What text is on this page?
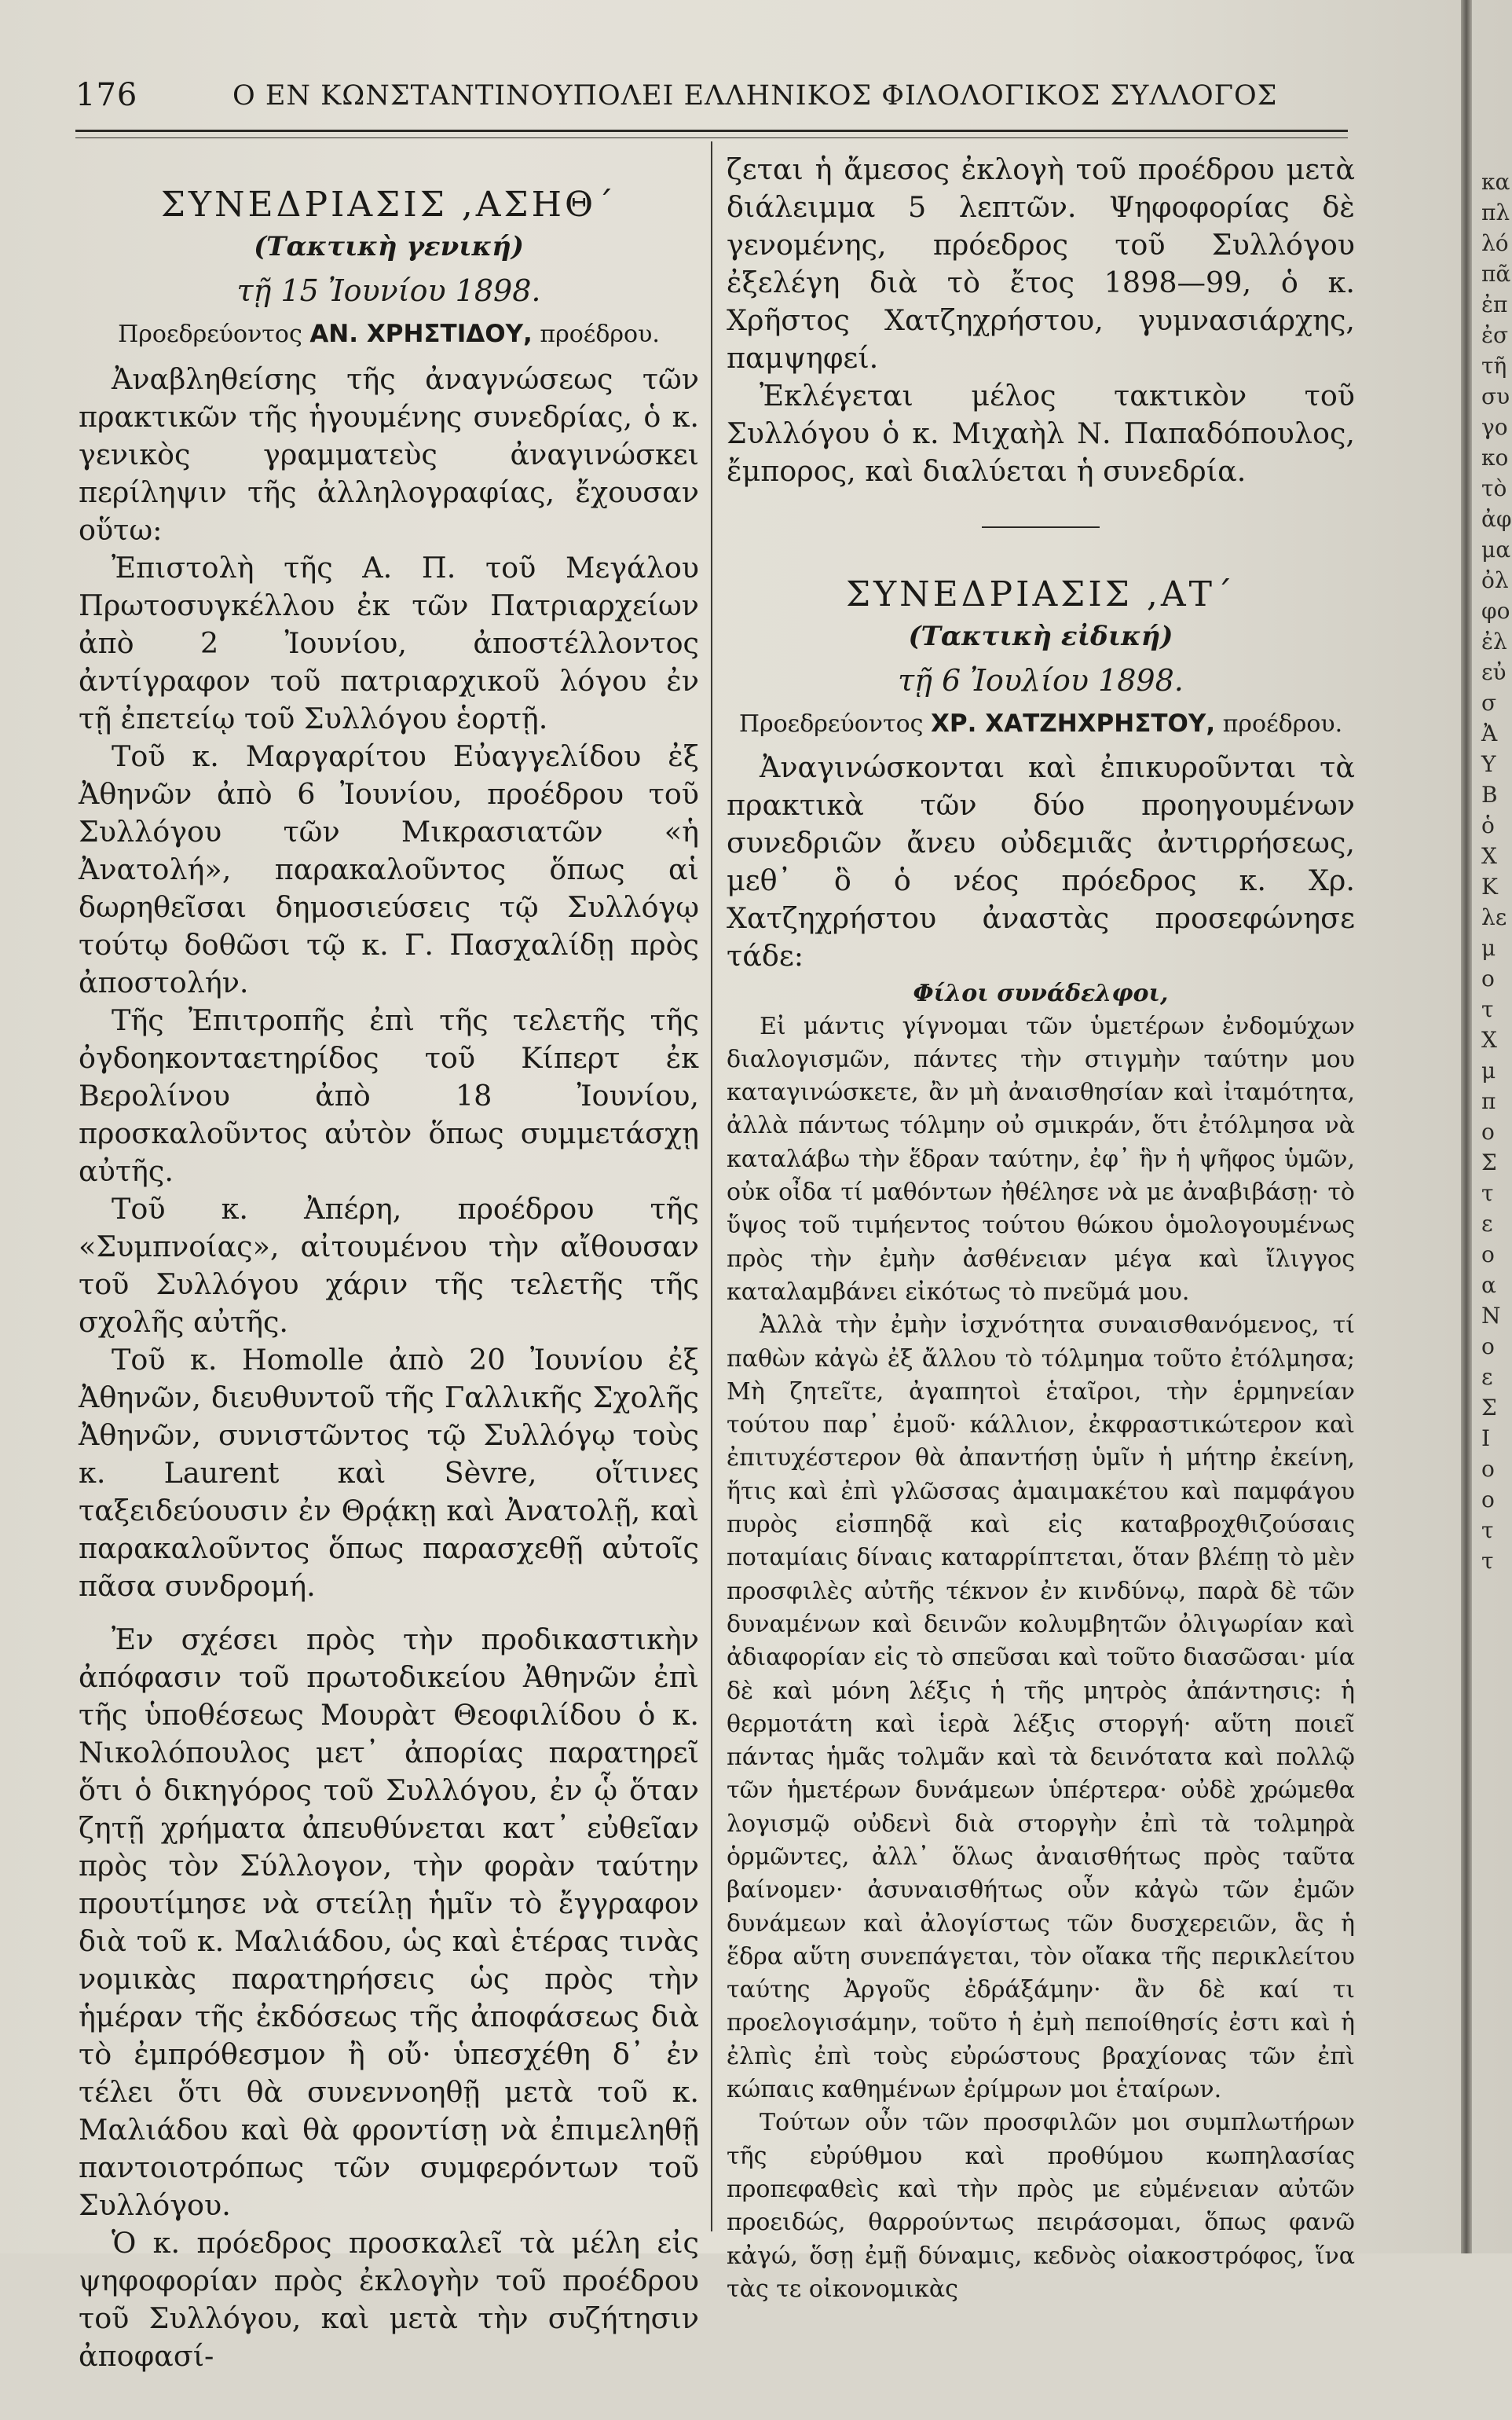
176	Ο ΕΝ ΚΩΝΣΤΑΝΤΙΝΟΥΠΟΛΕΙ ΕΛΛΗΝΙΚΟΣ ΦΙΛΟΛΟΓΙΚΟΣ ΣΥΛΛΟΓΟΣ
ΣΥΝΕΔΡΙΑΣΙΣ ,ΑΣΗΘ΄
(Τακτικὴ γενική)
τῇ 15 Ἰουνίου 1898.
Προεδρεύοντος ΑΝ. ΧΡΗΣΤΙΔΟΥ, προέδρου.

Ἀναβληθείσης τῆς ἀναγνώσεως τῶν πρακτικῶν τῆς ἡγουμένης συνεδρίας, ὁ κ. γενικὸς γραμματεὺς ἀναγινώσκει περίληψιν τῆς ἀλληλογραφίας, ἔχουσαν οὕτω:

Ἐπιστολὴ τῆς Α. Π. τοῦ Μεγάλου Πρωτοσυγκέλλου ἐκ τῶν Πατριαρχείων ἀπὸ 2 Ἰουνίου, ἀποστέλλοντος ἀντίγραφον τοῦ πατριαρχικοῦ λόγου ἐν τῇ ἐπετείῳ τοῦ Συλλόγου ἑορτῇ.

Τοῦ κ. Μαργαρίτου Εὐαγγελίδου ἐξ Ἀθηνῶν ἀπὸ 6 Ἰουνίου, προέδρου τοῦ Συλλόγου τῶν Μικρασιατῶν «ἡ Ἀνατολή», παρακαλοῦντος ὅπως αἱ δωρηθεῖσαι δημοσιεύσεις τῷ Συλλόγῳ τούτῳ δοθῶσι τῷ κ. Γ. Πασχαλίδῃ πρὸς ἀποστολήν.

Τῆς Ἐπιτροπῆς ἐπὶ τῆς τελετῆς τῆς ὀγδοηκονταετηρίδος τοῦ Κίπερτ ἐκ Βερολίνου ἀπὸ 18 Ἰουνίου, προσκαλοῦντος αὐτὸν ὅπως συμμετάσχῃ αὐτῆς.

Τοῦ κ. Ἀπέρη, προέδρου τῆς «Συμπνοίας», αἰτουμένου τὴν αἴθουσαν τοῦ Συλλόγου χάριν τῆς τελετῆς τῆς σχολῆς αὐτῆς.

Τοῦ κ. Homolle ἀπὸ 20 Ἰουνίου ἐξ Ἀθηνῶν, διευθυντοῦ τῆς Γαλλικῆς Σχολῆς Ἀθηνῶν, συνιστῶντος τῷ Συλλόγῳ τοὺς κ. Laurent καὶ Sèvre, οἵτινες ταξειδεύουσιν ἐν Θρᾴκῃ καὶ Ἀνατολῇ, καὶ παρακαλοῦντος ὅπως παρασχεθῇ αὐτοῖς πᾶσα συνδρομή.

Ἐν σχέσει πρὸς τὴν προδικαστικὴν ἀπόφασιν τοῦ πρωτοδικείου Ἀθηνῶν ἐπὶ τῆς ὑποθέσεως Μουρὰτ Θεοφιλίδου ὁ κ. Νικολόπουλος μετ᾽ ἀπορίας παρατηρεῖ ὅτι ὁ δικηγόρος τοῦ Συλλόγου, ἐν ᾧ ὅταν ζητῇ χρήματα ἀπευθύνεται κατ᾽ εὐθεῖαν πρὸς τὸν Σύλλογον, τὴν φορὰν ταύτην προυτίμησε νὰ στείλῃ ἡμῖν τὸ ἔγγραφον διὰ τοῦ κ. Μαλιάδου, ὡς καὶ ἑτέρας τινὰς νομικὰς παρατηρήσεις ὡς πρὸς τὴν ἡμέραν τῆς ἐκδόσεως τῆς ἀποφάσεως διὰ τὸ ἐμπρόθεσμον ἢ οὔ· ὑπεσχέθη δ᾽ ἐν τέλει ὅτι θὰ συνεννοηθῇ μετὰ τοῦ κ. Μαλιάδου καὶ θὰ φροντίσῃ νὰ ἐπιμεληθῇ παντοιοτρόπως τῶν συμφερόντων τοῦ Συλλόγου.

Ὁ κ. πρόεδρος προσκαλεῖ τὰ μέλη εἰς ψηφοφορίαν πρὸς ἐκλογὴν τοῦ προέδρου τοῦ Συλλόγου, καὶ μετὰ τὴν συζήτησιν ἀποφασί-

ζεται ἡ ἄμεσος ἐκλογὴ τοῦ προέδρου μετὰ διάλειμμα 5 λεπτῶν. Ψηφοφορίας δὲ γενομένης, πρόεδρος τοῦ Συλλόγου ἐξελέγη διὰ τὸ ἔτος 1898—99, ὁ κ. Χρῆστος Χατζηχρήστου, γυμνασιάρχης, παμψηφεί.

Ἐκλέγεται μέλος τακτικὸν τοῦ Συλλόγου ὁ κ. Μιχαὴλ Ν. Παπαδόπουλος, ἔμπορος, καὶ διαλύεται ἡ συνεδρία.

ΣΥΝΕΔΡΙΑΣΙΣ ,ΑΤ΄
(Τακτικὴ εἰδική)
τῇ 6 Ἰουλίου 1898.
Προεδρεύοντος ΧΡ. ΧΑΤΖΗΧΡΗΣΤΟΥ, προέδρου.

Ἀναγινώσκονται καὶ ἐπικυροῦνται τὰ πρακτικὰ τῶν δύο προηγουμένων συνεδριῶν ἄνευ οὐδεμιᾶς ἀντιρρήσεως, μεθ᾽ ὃ ὁ νέος πρόεδρος κ. Χρ. Χατζηχρήστου ἀναστὰς προσεφώνησε τάδε:

Φίλοι συνάδελφοι,

Εἰ μάντις γίγνομαι τῶν ὑμετέρων ἐνδομύχων διαλογισμῶν, πάντες τὴν στιγμὴν ταύτην μου καταγινώσκετε, ἂν μὴ ἀναισθησίαν καὶ ἰταμότητα, ἀλλὰ πάντως τόλμην οὐ σμικράν, ὅτι ἐτόλμησα νὰ καταλάβω τὴν ἕδραν ταύτην, ἐφ᾽ ἣν ἡ ψῆφος ὑμῶν, οὐκ οἶδα τί μαθόντων ἠθέλησε νὰ με ἀναβιβάσῃ· τὸ ὕψος τοῦ τιμήεντος τούτου θώκου ὁμολογουμένως πρὸς τὴν ἐμὴν ἀσθένειαν μέγα καὶ ἴλιγγος καταλαμβάνει εἰκότως τὸ πνεῦμά μου.

Ἀλλὰ τὴν ἐμὴν ἰσχνότητα συναισθανόμενος, τί παθὼν κἀγὼ ἐξ ἄλλου τὸ τόλμημα τοῦτο ἐτόλμησα; Μὴ ζητεῖτε, ἀγαπητοὶ ἑταῖροι, τὴν ἑρμηνείαν τούτου παρ᾽ ἐμοῦ· κάλλιον, ἐκφραστικώτερον καὶ ἐπιτυχέστερον θὰ ἀπαντήσῃ ὑμῖν ἡ μήτηρ ἐκείνη, ἥτις καὶ ἐπὶ γλῶσσας ἀμαιμακέτου καὶ παμφάγου πυρὸς εἰσπηδᾷ καὶ εἰς καταβροχθιζούσαις ποταμίαις δίναις καταρρίπτεται, ὅταν βλέπῃ τὸ μὲν προσφιλὲς αὐτῆς τέκνον ἐν κινδύνῳ, παρὰ δὲ τῶν δυναμένων καὶ δεινῶν κολυμβητῶν ὀλιγωρίαν καὶ ἀδιαφορίαν εἰς τὸ σπεῦσαι καὶ τοῦτο διασῶσαι· μία δὲ καὶ μόνη λέξις ἡ τῆς μητρὸς ἀπάντησις: ἡ θερμοτάτη καὶ ἱερὰ λέξις στοργή· αὕτη ποιεῖ πάντας ἡμᾶς τολμᾶν καὶ τὰ δεινότατα καὶ πολλῷ τῶν ἡμετέρων δυνάμεων ὑπέρτερα· οὐδὲ χρώμεθα λογισμῷ οὐδενὶ διὰ στοργὴν ἐπὶ τὰ τολμηρὰ ὁρμῶντες, ἀλλ᾽ ὅλως ἀναισθήτως πρὸς ταῦτα βαίνομεν· ἀσυναισθήτως οὖν κἀγὼ τῶν ἐμῶν δυνάμεων καὶ ἀλογίστως τῶν δυσχερειῶν, ἃς ἡ ἕδρα αὕτη συνεπάγεται, τὸν οἴακα τῆς περικλείτου ταύτης Ἀργοῦς ἐδράξάμην· ἂν δὲ καί τι προελογισάμην, τοῦτο ἡ ἐμὴ πεποίθησίς ἐστι καὶ ἡ ἐλπὶς ἐπὶ τοὺς εὐρώστους βραχίονας τῶν ἐπὶ κώπαις καθημένων ἐρίμρων μοι ἑταίρων.

Τούτων οὖν τῶν προσφιλῶν μοι συμπλωτήρων τῆς εὐρύθμου καὶ προθύμου κωπηλασίας προπεφαθεὶς καὶ τὴν πρὸς με εὐμένειαν αὐτῶν προειδώς, θαρρούντως πειράσομαι, ὅπως φανῶ κἀγώ, ὅσῃ ἐμῇ δύναμις, κεδνὸς οἰακοστρόφος, ἵνα τὰς τε οἰκονομικὰς

κα
πλ
λό
πᾶ
ἐπ
ἐσ
τῆ
συ
γο
κο
τὸ
ἀφ
μα
ὀλ
φο
ἐλ
εὐ
σ
Ἀ
Υ
Β
ὁ
Χ
Κ
λε
μ
ο
τ
Χ
μ
π
ο
Σ
τ
ε
ο
α
Ν
ο
ε
Σ
Ι
ο
ο
τ
τ
